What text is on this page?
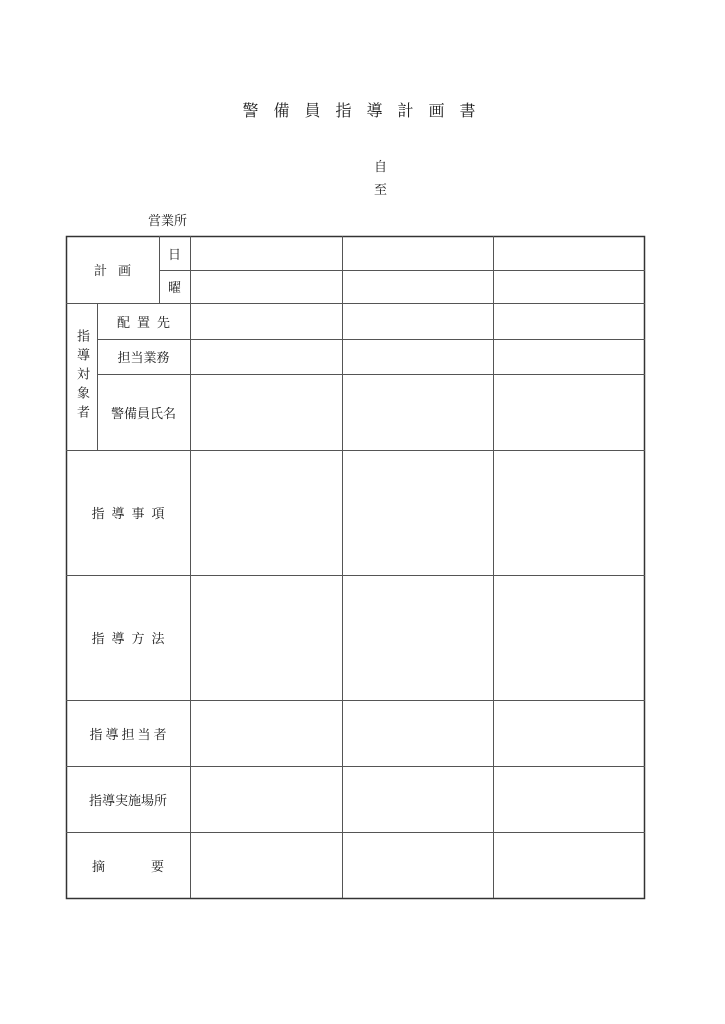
警備員指導計画書
自
至
営業所
計画
日
曜
指導対象者
配置先
担当業務
警備員氏名
指導事項
指導方法
指導担当者
指導実施場所
摘要
